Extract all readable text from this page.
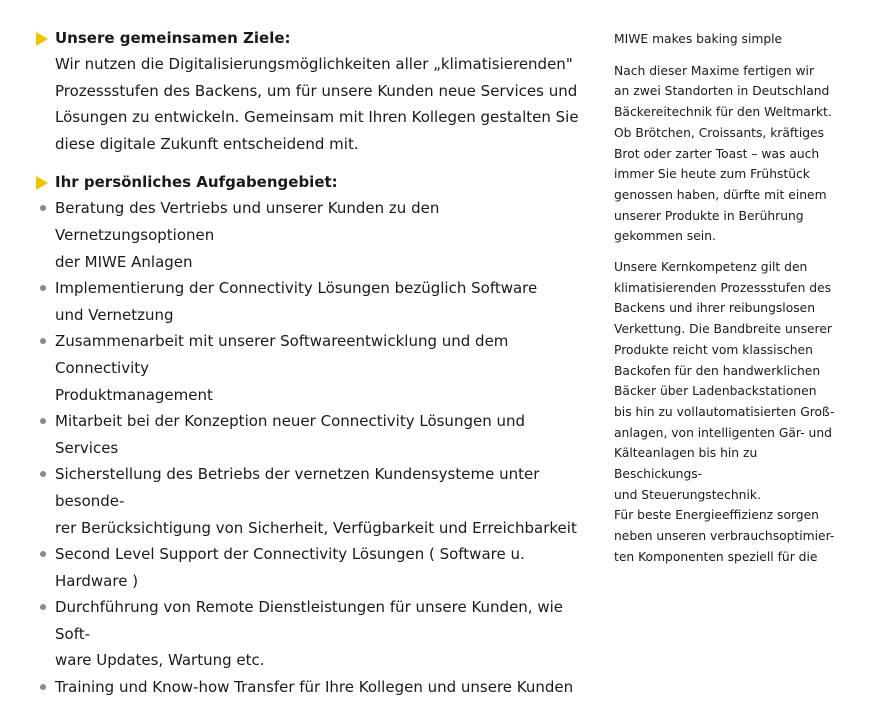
Unsere gemeinsamen Ziele:
Wir nutzen die Digitalisierungsmöglichkeiten aller „klimatisierenden"
Prozessstufen des Backens, um für unsere Kunden neue Services und
Lösungen zu entwickeln. Gemeinsam mit Ihren Kollegen gestalten Sie
diese digitale Zukunft entscheidend mit.
Ihr persönliches Aufgabengebiet:
Beratung des Vertriebs und unserer Kunden zu den Vernetzungsoptionen
der MIWE Anlagen
Implementierung der Connectivity Lösungen bezüglich Software
und Vernetzung
Zusammenarbeit mit unserer Softwareentwicklung und dem Connectivity
Produktmanagement
Mitarbeit bei der Konzeption neuer Connectivity Lösungen und Services
Sicherstellung des Betriebs der vernetzen Kundensysteme unter besonde-
rer Berücksichtigung von Sicherheit, Verfügbarkeit und Erreichbarkeit
Second Level Support der Connectivity Lösungen ( Software u. Hardware )
Durchführung von Remote Dienstleistungen für unsere Kunden, wie Soft-
ware Updates, Wartung etc.
Training und Know-how Transfer für Ihre Kollegen und unsere Kunden

MIWE makes baking simple

Nach dieser Maxime fertigen wir
an zwei Standorten in Deutschland
Bäckereitechnik für den Weltmarkt.
Ob Brötchen, Croissants, kräftiges
Brot oder zarter Toast – was auch
immer Sie heute zum Frühstück
genossen haben, dürfte mit einem
unserer Produkte in Berührung
gekommen sein.

Unsere Kernkompetenz gilt den
klimatisierenden Prozessstufen des
Backens und ihrer reibungslosen
Verkettung. Die Bandbreite unserer
Produkte reicht vom klassischen
Backofen für den handwerklichen
Bäcker über Ladenbackstationen
bis hin zu vollautomatisierten Groß-
anlagen, von intelligenten Gär- und
Kälteanlagen bis hin zu Beschickungs-
und Steuerungstechnik.

Für beste Energieeffizienz sorgen
neben unseren verbrauchsoptimier-
ten Komponenten speziell für die
